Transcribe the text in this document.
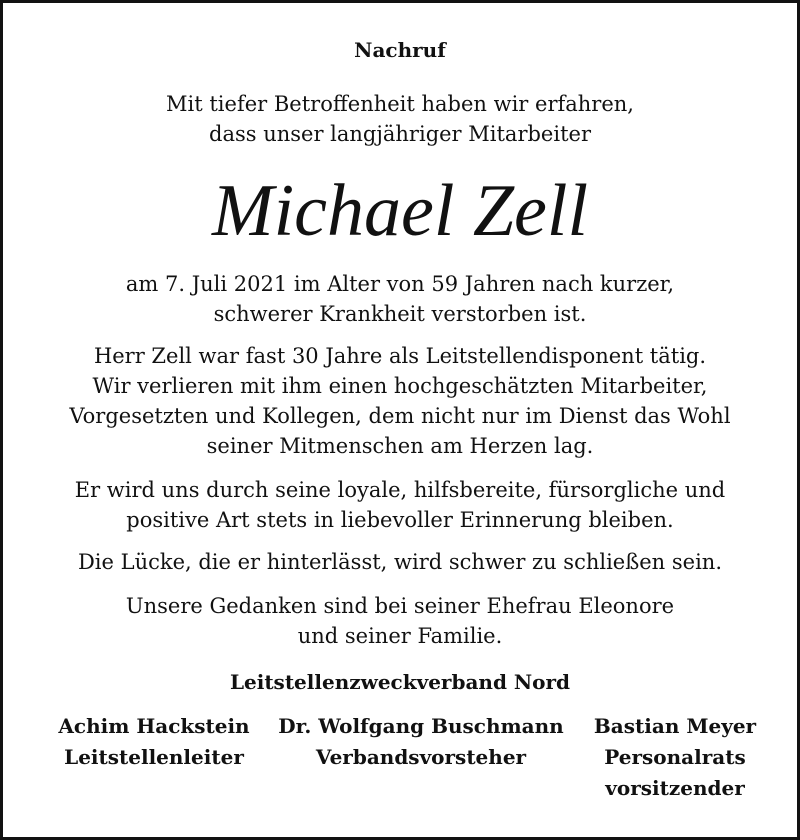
Nachruf

Mit tiefer Betroffenheit haben wir erfahren,
dass unser langjähriger Mitarbeiter

Michael Zell

am 7. Juli 2021 im Alter von 59 Jahren nach kurzer,
schwerer Krankheit verstorben ist.

Herr Zell war fast 30 Jahre als Leitstellendisponent tätig.
Wir verlieren mit ihm einen hochgeschätzten Mitarbeiter,
Vorgesetzten und Kollegen, dem nicht nur im Dienst das Wohl
seiner Mitmenschen am Herzen lag.

Er wird uns durch seine loyale, hilfsbereite, fürsorgliche und
positive Art stets in liebevoller Erinnerung bleiben.

Die Lücke, die er hinterlässt, wird schwer zu schließen sein.

Unsere Gedanken sind bei seiner Ehefrau Eleonore
und seiner Familie.

Leitstellenzweckverband Nord
Achim Hackstein
Leitstellenleiter
Dr. Wolfgang Buschmann
Verbandsvorsteher
Bastian Meyer
Personalrats
vorsitzender
